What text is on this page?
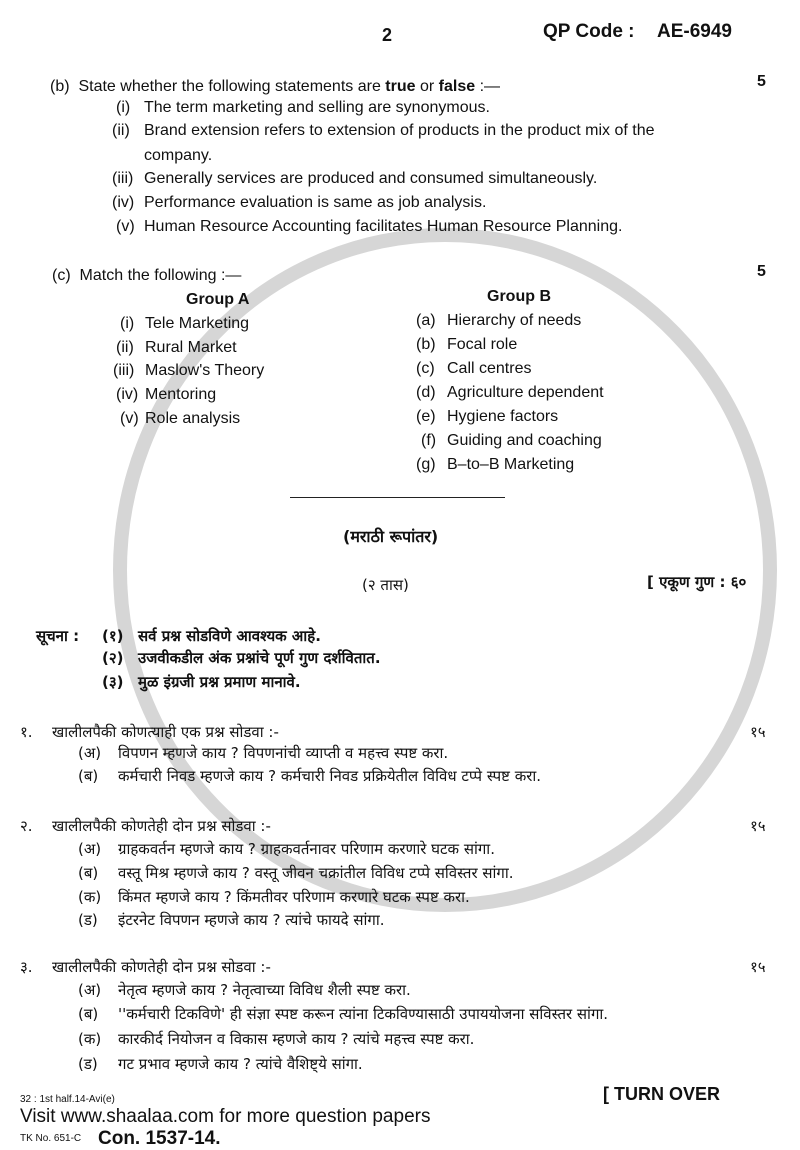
2	QP Code : AE-6949
(b) State whether the following statements are true or false :—	5
(i) The term marketing and selling are synonymous.
(ii) Brand extension refers to extension of products in the product mix of the
company.
(iii) Generally services are produced and consumed simultaneously.
(iv) Performance evaluation is same as job analysis.
(v) Human Resource Accounting facilitates Human Resource Planning.
(c) Match the following :—	5
Group A	Group B
(i) Tele Marketing
(ii) Rural Market
(iii) Maslow's Theory
(iv) Mentoring
(v) Role analysis
(a) Hierarchy of needs
(b) Focal role
(c) Call centres
(d) Agriculture dependent
(e) Hygiene factors
(f) Guiding and coaching
(g) B–to–B Marketing
(मराठी रूपांतर)
(२ तास)	[ एकूण गुण : ६०
सूचना : (१) सर्व प्रश्न सोडविणे आवश्यक आहे.
(२) उजवीकडील अंक प्रश्नांचे पूर्ण गुण दर्शवितात.
(३) मुळ इंग्रजी प्रश्न प्रमाण मानावे.
१. खालीलपैकी कोणत्याही एक प्रश्न सोडवा :-	१५
(अ) विपणन म्हणजे काय ? विपणनांची व्याप्ती व महत्त्व स्पष्ट करा.
(ब) कर्मचारी निवड म्हणजे काय ? कर्मचारी निवड प्रक्रियेतील विविध टप्पे स्पष्ट करा.
२. खालीलपैकी कोणतेही दोन प्रश्न सोडवा :-	१५
(अ) ग्राहकवर्तन म्हणजे काय ? ग्राहकवर्तनावर परिणाम करणारे घटक सांगा.
(ब) वस्तू मिश्र म्हणजे काय ? वस्तू जीवन चक्रांतील विविध टप्पे सविस्तर सांगा.
(क) किंमत म्हणजे काय ? किंमतीवर परिणाम करणारे घटक स्पष्ट करा.
(ड) इंटरनेट विपणन म्हणजे काय ? त्यांचे फायदे सांगा.
३. खालीलपैकी कोणतेही दोन प्रश्न सोडवा :-	१५
(अ) नेतृत्व म्हणजे काय ? नेतृत्वाच्या विविध शैली स्पष्ट करा.
(ब) ''कर्मचारी टिकविणे' ही संज्ञा स्पष्ट करून त्यांना टिकविण्यासाठी उपाययोजना सविस्तर सांगा.
(क) कारकीर्द नियोजन व विकास म्हणजे काय ? त्यांचे महत्त्व स्पष्ट करा.
(ड) गट प्रभाव म्हणजे काय ? त्यांचे वैशिष्ट्ये सांगा.
[ TURN OVER
32 : 1st half.14-Avi(e)
Visit www.shaalaa.com for more question papers
TK No. 651-C Con. 1537-14.
